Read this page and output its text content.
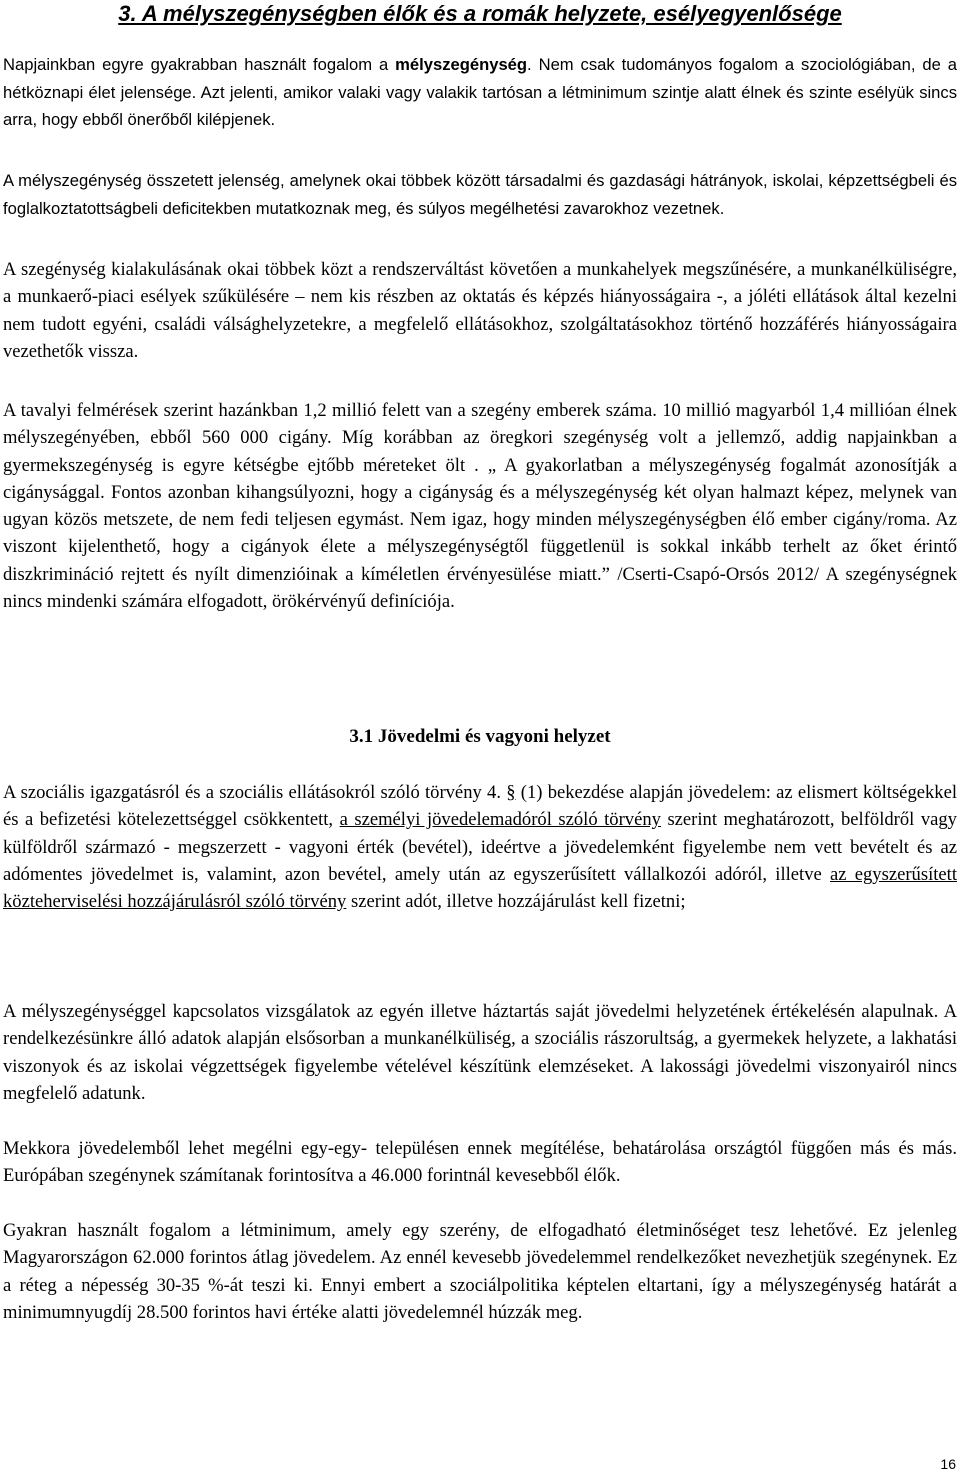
3. A mélyszegénységben élők és a romák helyzete, esélyegyenlősége

Napjainkban egyre gyakrabban használt fogalom a mélyszegénység. Nem csak tudományos fogalom a szociológiában, de a hétköznapi élet jelensége. Azt jelenti, amikor valaki vagy valakik tartósan a létminimum szintje alatt élnek és szinte esélyük sincs arra, hogy ebből önerőből kilépjenek.

A mélyszegénység összetett jelenség, amelynek okai többek között társadalmi és gazdasági hátrányok, iskolai, képzettségbeli és foglalkoztatottságbeli deficitekben mutatkoznak meg, és súlyos megélhetési zavarokhoz vezetnek.

A szegénység kialakulásának okai többek közt a rendszerváltást követően a munkahelyek megszűnésére, a munkanélküliségre, a munkaerő-piaci esélyek szűkülésére – nem kis részben az oktatás és képzés hiányosságaira -, a jóléti ellátások által kezelni nem tudott egyéni, családi válsághelyzetekre, a megfelelő ellátásokhoz, szolgáltatásokhoz történő hozzáférés hiányosságaira vezethetők vissza.

A tavalyi felmérések szerint hazánkban 1,2 millió felett van a szegény emberek száma. 10 millió magyarból 1,4 millióan élnek mélyszegényében, ebből 560 000 cigány. Míg korábban az öregkori szegénység volt a jellemző, addig napjainkban a gyermekszegénység is egyre kétségbe ejtőbb méreteket ölt . „ A gyakorlatban a mélyszegénység fogalmát azonosítják a cigánysággal. Fontos azonban kihangsúlyozni, hogy a cigányság és a mélyszegénység két olyan halmazt képez, melynek van ugyan közös metszete, de nem fedi teljesen egymást. Nem igaz, hogy minden mélyszegénységben élő ember cigány/roma. Az viszont kijelenthető, hogy a cigányok élete a mélyszegénységtől függetlenül is sokkal inkább terhelt az őket érintő diszkrimináció rejtett és nyílt dimenzióinak a kíméletlen érvényesülése miatt.” /Cserti-Csapó-Orsós 2012/ A szegénységnek nincs mindenki számára elfogadott, örökérvényű definíciója.

3.1 Jövedelmi és vagyoni helyzet

A szociális igazgatásról és a szociális ellátásokról szóló törvény 4. § (1) bekezdése alapján jövedelem: az elismert költségekkel és a befizetési kötelezettséggel csökkentett, a személyi jövedelemadóról szóló törvény szerint meghatározott, belföldről vagy külföldről származó - megszerzett - vagyoni érték (bevétel), ideértve a jövedelemként figyelembe nem vett bevételt és az adómentes jövedelmet is, valamint, azon bevétel, amely után az egyszerűsített vállalkozói adóról, illetve az egyszerűsített közteherviselési hozzájárulásról szóló törvény szerint adót, illetve hozzájárulást kell fizetni;

A mélyszegénységgel kapcsolatos vizsgálatok az egyén illetve háztartás saját jövedelmi helyzetének értékelésén alapulnak. A rendelkezésünkre álló adatok alapján elsősorban a munkanélküliség, a szociális rászorultság, a gyermekek helyzete, a lakhatási viszonyok és az iskolai végzettségek figyelembe vételével készítünk elemzéseket. A lakossági jövedelmi viszonyairól nincs megfelelő adatunk.

Mekkora jövedelemből lehet megélni egy-egy- településen ennek megítélése, behatárolása országtól függően más és más. Európában szegénynek számítanak forintosítva a 46.000 forintnál kevesebből élők.

Gyakran használt fogalom a létminimum, amely egy szerény, de elfogadható életminőséget tesz lehetővé. Ez jelenleg Magyarországon 62.000 forintos átlag jövedelem. Az ennél kevesebb jövedelemmel rendelkezőket nevezhetjük szegénynek. Ez a réteg a népesség 30-35 %-át teszi ki. Ennyi embert a szociálpolitika képtelen eltartani, így a mélyszegénység határát a minimumnyugdíj 28.500 forintos havi értéke alatti jövedelemnél húzzák meg.

16
